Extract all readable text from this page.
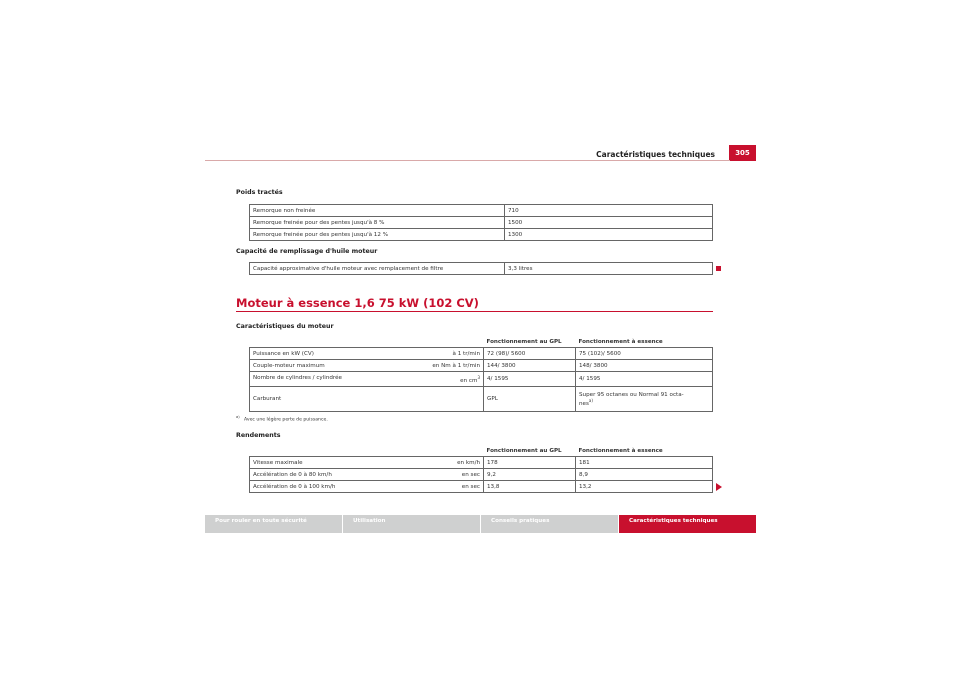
Caractéristiques techniques	305
Poids tractés
Remorque non freinée	710
Remorque freinée pour des pentes jusqu'à 8 %	1500
Remorque freinée pour des pentes jusqu'à 12 %	1300
Capacité de remplissage d'huile moteur
Capacité approximative d'huile moteur avec remplacement de filtre	3,3 litres
Moteur à essence 1,6 75 kW (102 CV)
Caractéristiques du moteur
	Fonctionnement au GPL	Fonctionnement à essence
Puissance en kW (CV) à 1 tr/min	72 (98)/ 5600	75 (102)/ 5600
Couple-moteur maximum en Nm à 1 tr/min	144/ 3800	148/ 3800
Nombre de cylindres / cylindrée en $cm^3$	4/ 1595	4/ 1595
Carburant	GPL	Super 95 octanes ou Normal 91 octa-
nes$^{a)}$
$^{a)}$   Avec une légère perte de puissance.
Rendements
	Fonctionnement au GPL	Fonctionnement à essence
Vitesse maximale en km/h	178	181
Accélération de 0 à 80 km/h en sec	9,2	8,9
Accélération de 0 à 100 km/h en sec	13,8	13,2
Pour rouler en toute sécurité	Utilisation	Conseils pratiques	Caractéristiques techniques
